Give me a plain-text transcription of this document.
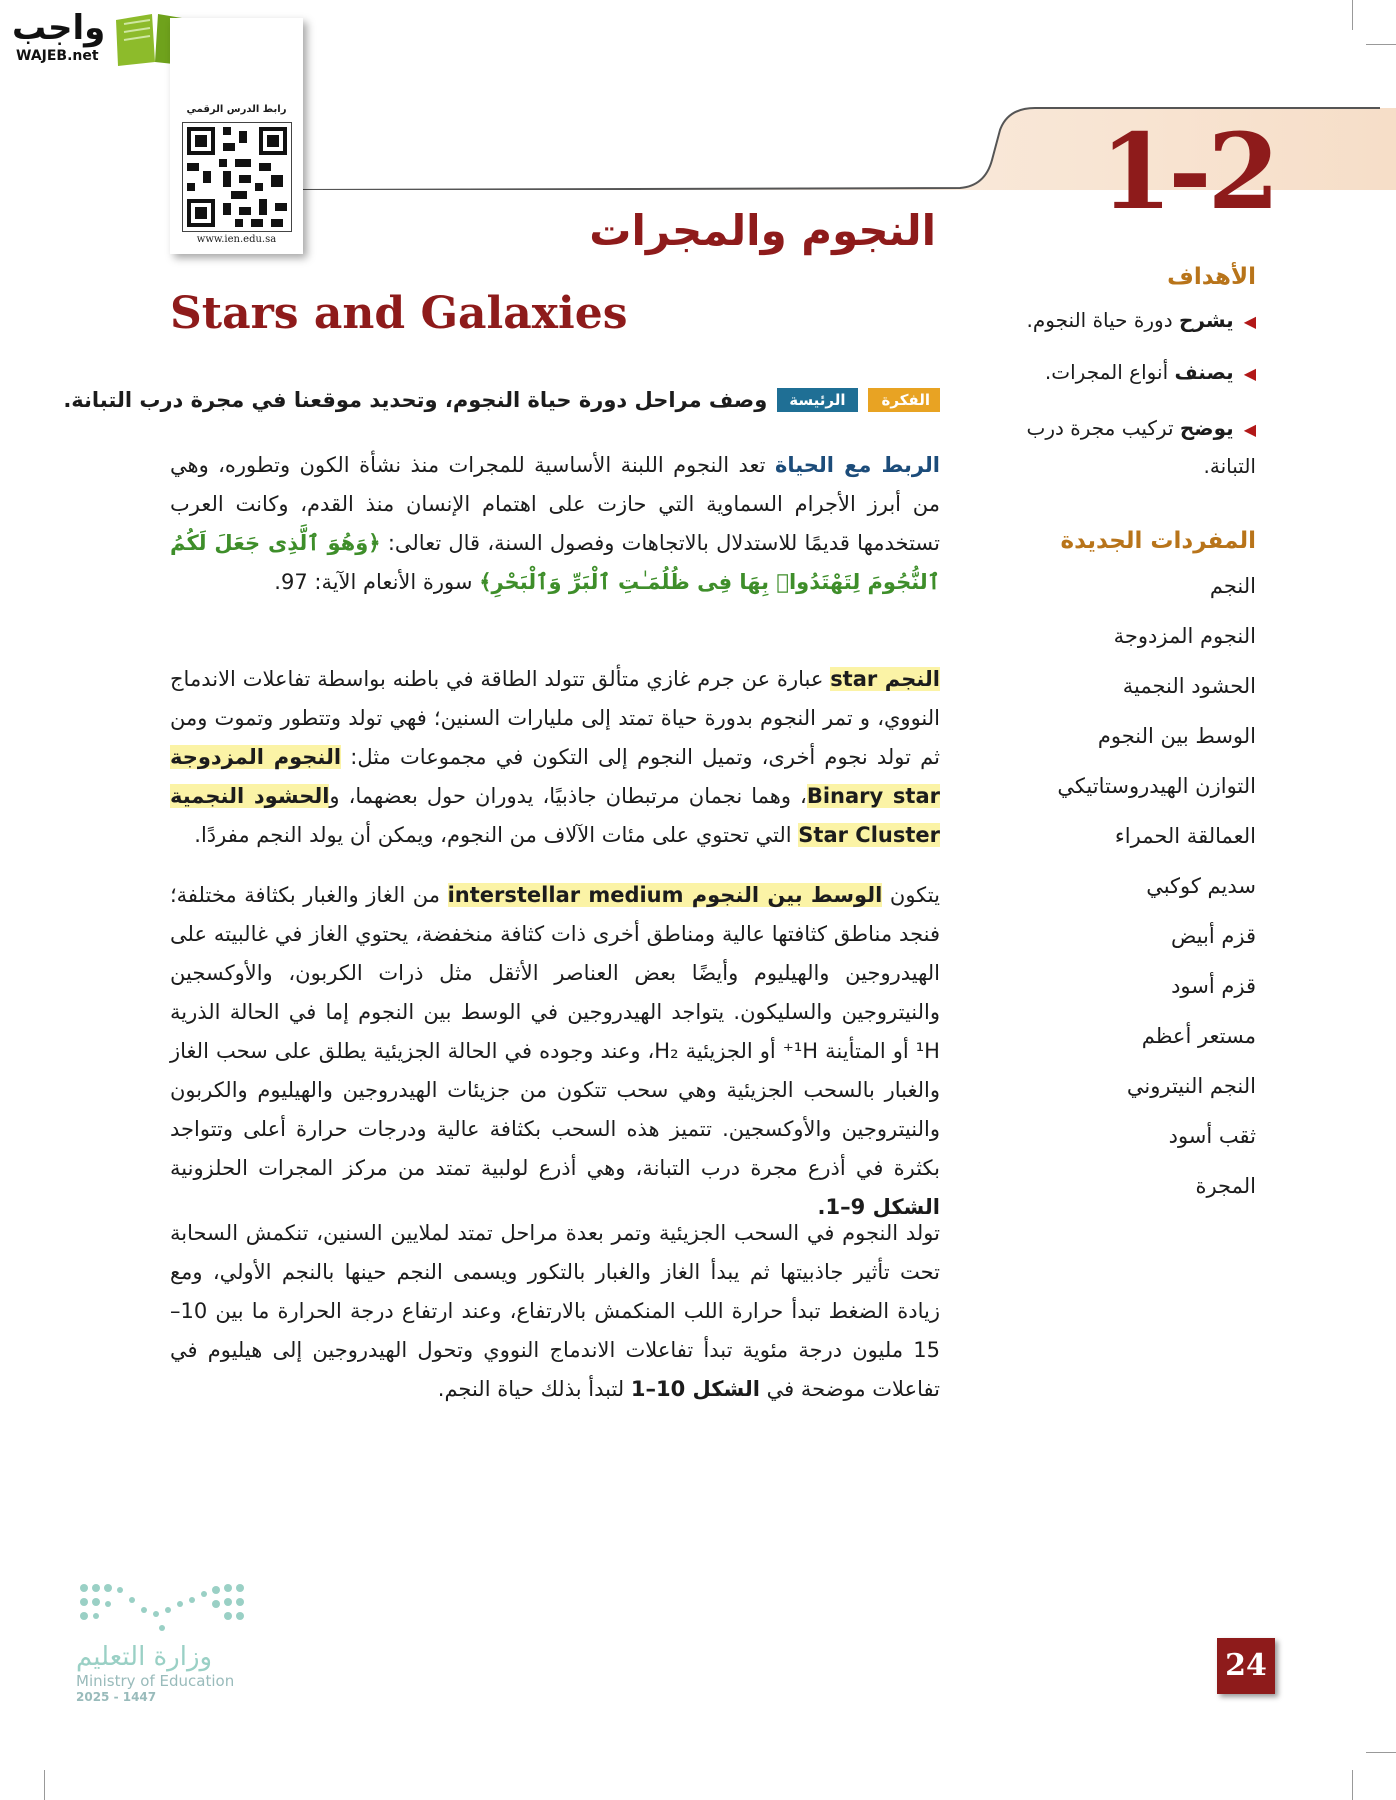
واجب
WAJEB.net
رابط الدرس الرقمي
www.ien.edu.sa
1-2
النجوم والمجرات
Stars and Galaxies
الأهداف
◀يشرح دورة حياة النجوم.
◀يصنف أنواع المجرات.
◀يوضح تركيب مجرة درب التبانة.
المفردات الجديدة
النجم
النجوم المزدوجة
الحشود النجمية
الوسط بين النجوم
التوازن الهيدروستاتيكي
العمالقة الحمراء
سديم كوكبي
قزم أبيض
قزم أسود
مستعر أعظم
النجم النيتروني
ثقب أسود
المجرة
الفكرة
الرئيسة
وصف مراحل دورة حياة النجوم، وتحديد موقعنا في مجرة درب التبانة.

الربط مع الحياة تعد النجوم اللبنة الأساسية للمجرات منذ نشأة الكون وتطوره، وهي من أبرز الأجرام السماوية التي حازت على اهتمام الإنسان منذ القدم، وكانت العرب تستخدمها قديمًا للاستدلال بالاتجاهات وفصول السنة، قال تعالى: ﴿وَهُوَ ٱلَّذِى جَعَلَ لَكُمُ ٱلنُّجُومَ لِتَهْتَدُوا۟ بِهَا فِى ظُلُمَـٰتِ ٱلْبَرِّ وَٱلْبَحْرِ﴾ سورة الأنعام الآية: 97.
النجم star عبارة عن جرم غازي متألق تتولد الطاقة في باطنه بواسطة تفاعلات الاندماج النووي، و تمر النجوم بدورة حياة تمتد إلى مليارات السنين؛ فهي تولد وتتطور وتموت ومن ثم تولد نجوم أخرى، وتميل النجوم إلى التكون في مجموعات مثل: النجوم المزدوجة Binary star، وهما نجمان مرتبطان جاذبيًا، يدوران حول بعضهما، والحشود النجمية Star Cluster التي تحتوي على مئات الآلاف من النجوم، ويمكن أن يولد النجم مفردًا.
يتكون الوسط بين النجوم interstellar medium من الغاز والغبار بكثافة مختلفة؛ فنجد مناطق كثافتها عالية ومناطق أخرى ذات كثافة منخفضة، يحتوي الغاز في غالبيته على الهيدروجين والهيليوم وأيضًا بعض العناصر الأثقل مثل ذرات الكربون، والأوكسجين والنيتروجين والسليكون. يتواجد الهيدروجين في الوسط بين النجوم إما في الحالة الذرية ¹H أو المتأينة ¹H⁺ أو الجزيئية H₂، وعند وجوده في الحالة الجزيئية يطلق على سحب الغاز والغبار بالسحب الجزيئية وهي سحب تتكون من جزيئات الهيدروجين والهيليوم والكربون والنيتروجين والأوكسجين. تتميز هذه السحب بكثافة عالية ودرجات حرارة أعلى وتتواجد بكثرة في أذرع مجرة درب التبانة، وهي أذرع لولبية تمتد من مركز المجرات الحلزونية الشكل 9–1.
تولد النجوم في السحب الجزيئية وتمر بعدة مراحل تمتد لملايين السنين، تنكمش السحابة تحت تأثير جاذبيتها ثم يبدأ الغاز والغبار بالتكور ويسمى النجم حينها بالنجم الأولي، ومع زيادة الضغط تبدأ حرارة اللب المنكمش بالارتفاع، وعند ارتفاع درجة الحرارة ما بين 10–15 مليون درجة مئوية تبدأ تفاعلات الاندماج النووي وتحول الهيدروجين إلى هيليوم في تفاعلات موضحة في الشكل 10–1 لتبدأ بذلك حياة النجم.
وزارة التعليم
Ministry of Education
2025 - 1447
24
